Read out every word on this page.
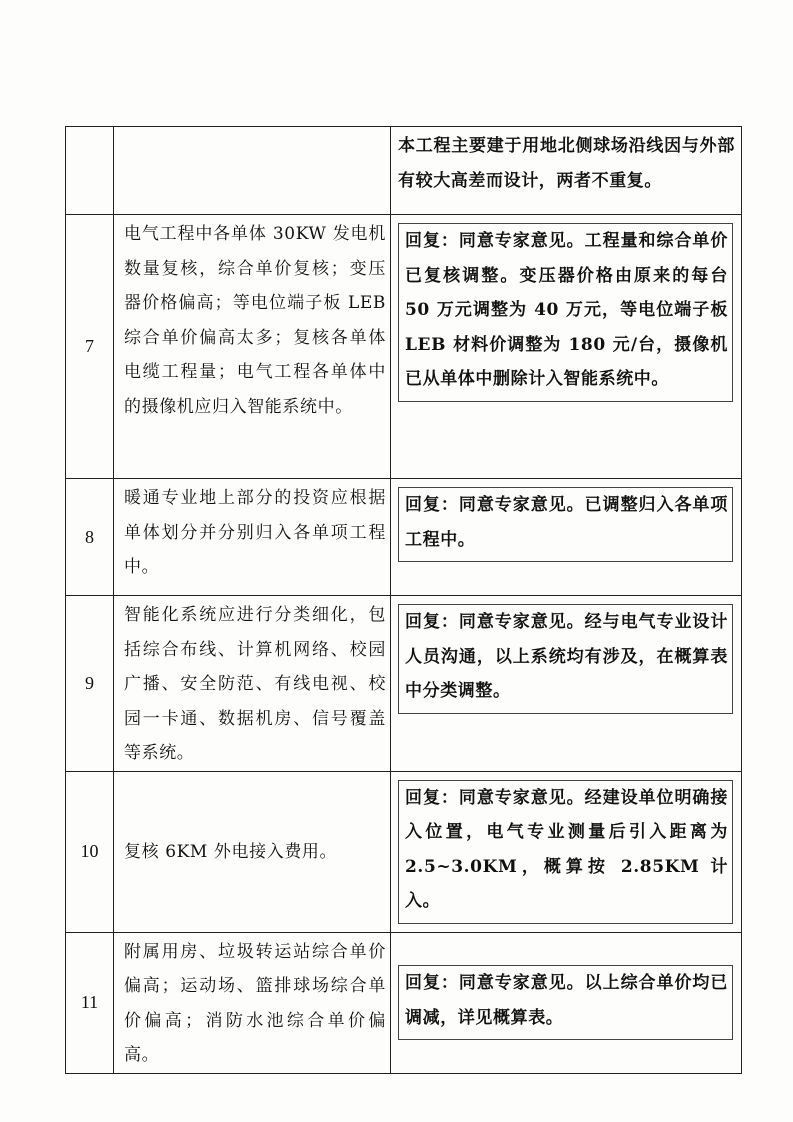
		本工程主要建于用地北侧球场沿线因与外部有较大高差而设计，两者不重复。

7	电气工程中各单体 30KW 发电机数量复核，综合单价复核；变压器价格偏高；等电位端子板 LEB 综合单价偏高太多；复核各单体电缆工程量；电气工程各单体中的摄像机应归入智能系统中。	回复：同意专家意见。工程量和综合单价已复核调整。变压器价格由原来的每台 50 万元调整为 40 万元，等电位端子板 LEB 材料价调整为 180 元/台，摄像机已从单体中删除计入智能系统中。

8	暖通专业地上部分的投资应根据单体划分并分别归入各单项工程中。	回复：同意专家意见。已调整归入各单项工程中。

9	智能化系统应进行分类细化，包括综合布线、计算机网络、校园广播、安全防范、有线电视、校园一卡通、数据机房、信号覆盖等系统。	回复：同意专家意见。经与电气专业设计人员沟通，以上系统均有涉及，在概算表中分类调整。

10	复核 6KM 外电接入费用。	回复：同意专家意见。经建设单位明确接入位置，电气专业测量后引入距离为 2.5~3.0KM，概算按 2.85KM 计入。

11	附属用房、垃圾转运站综合单价偏高；运动场、篮排球场综合单价偏高；消防水池综合单价偏高。	回复：同意专家意见。以上综合单价均已调减，详见概算表。
